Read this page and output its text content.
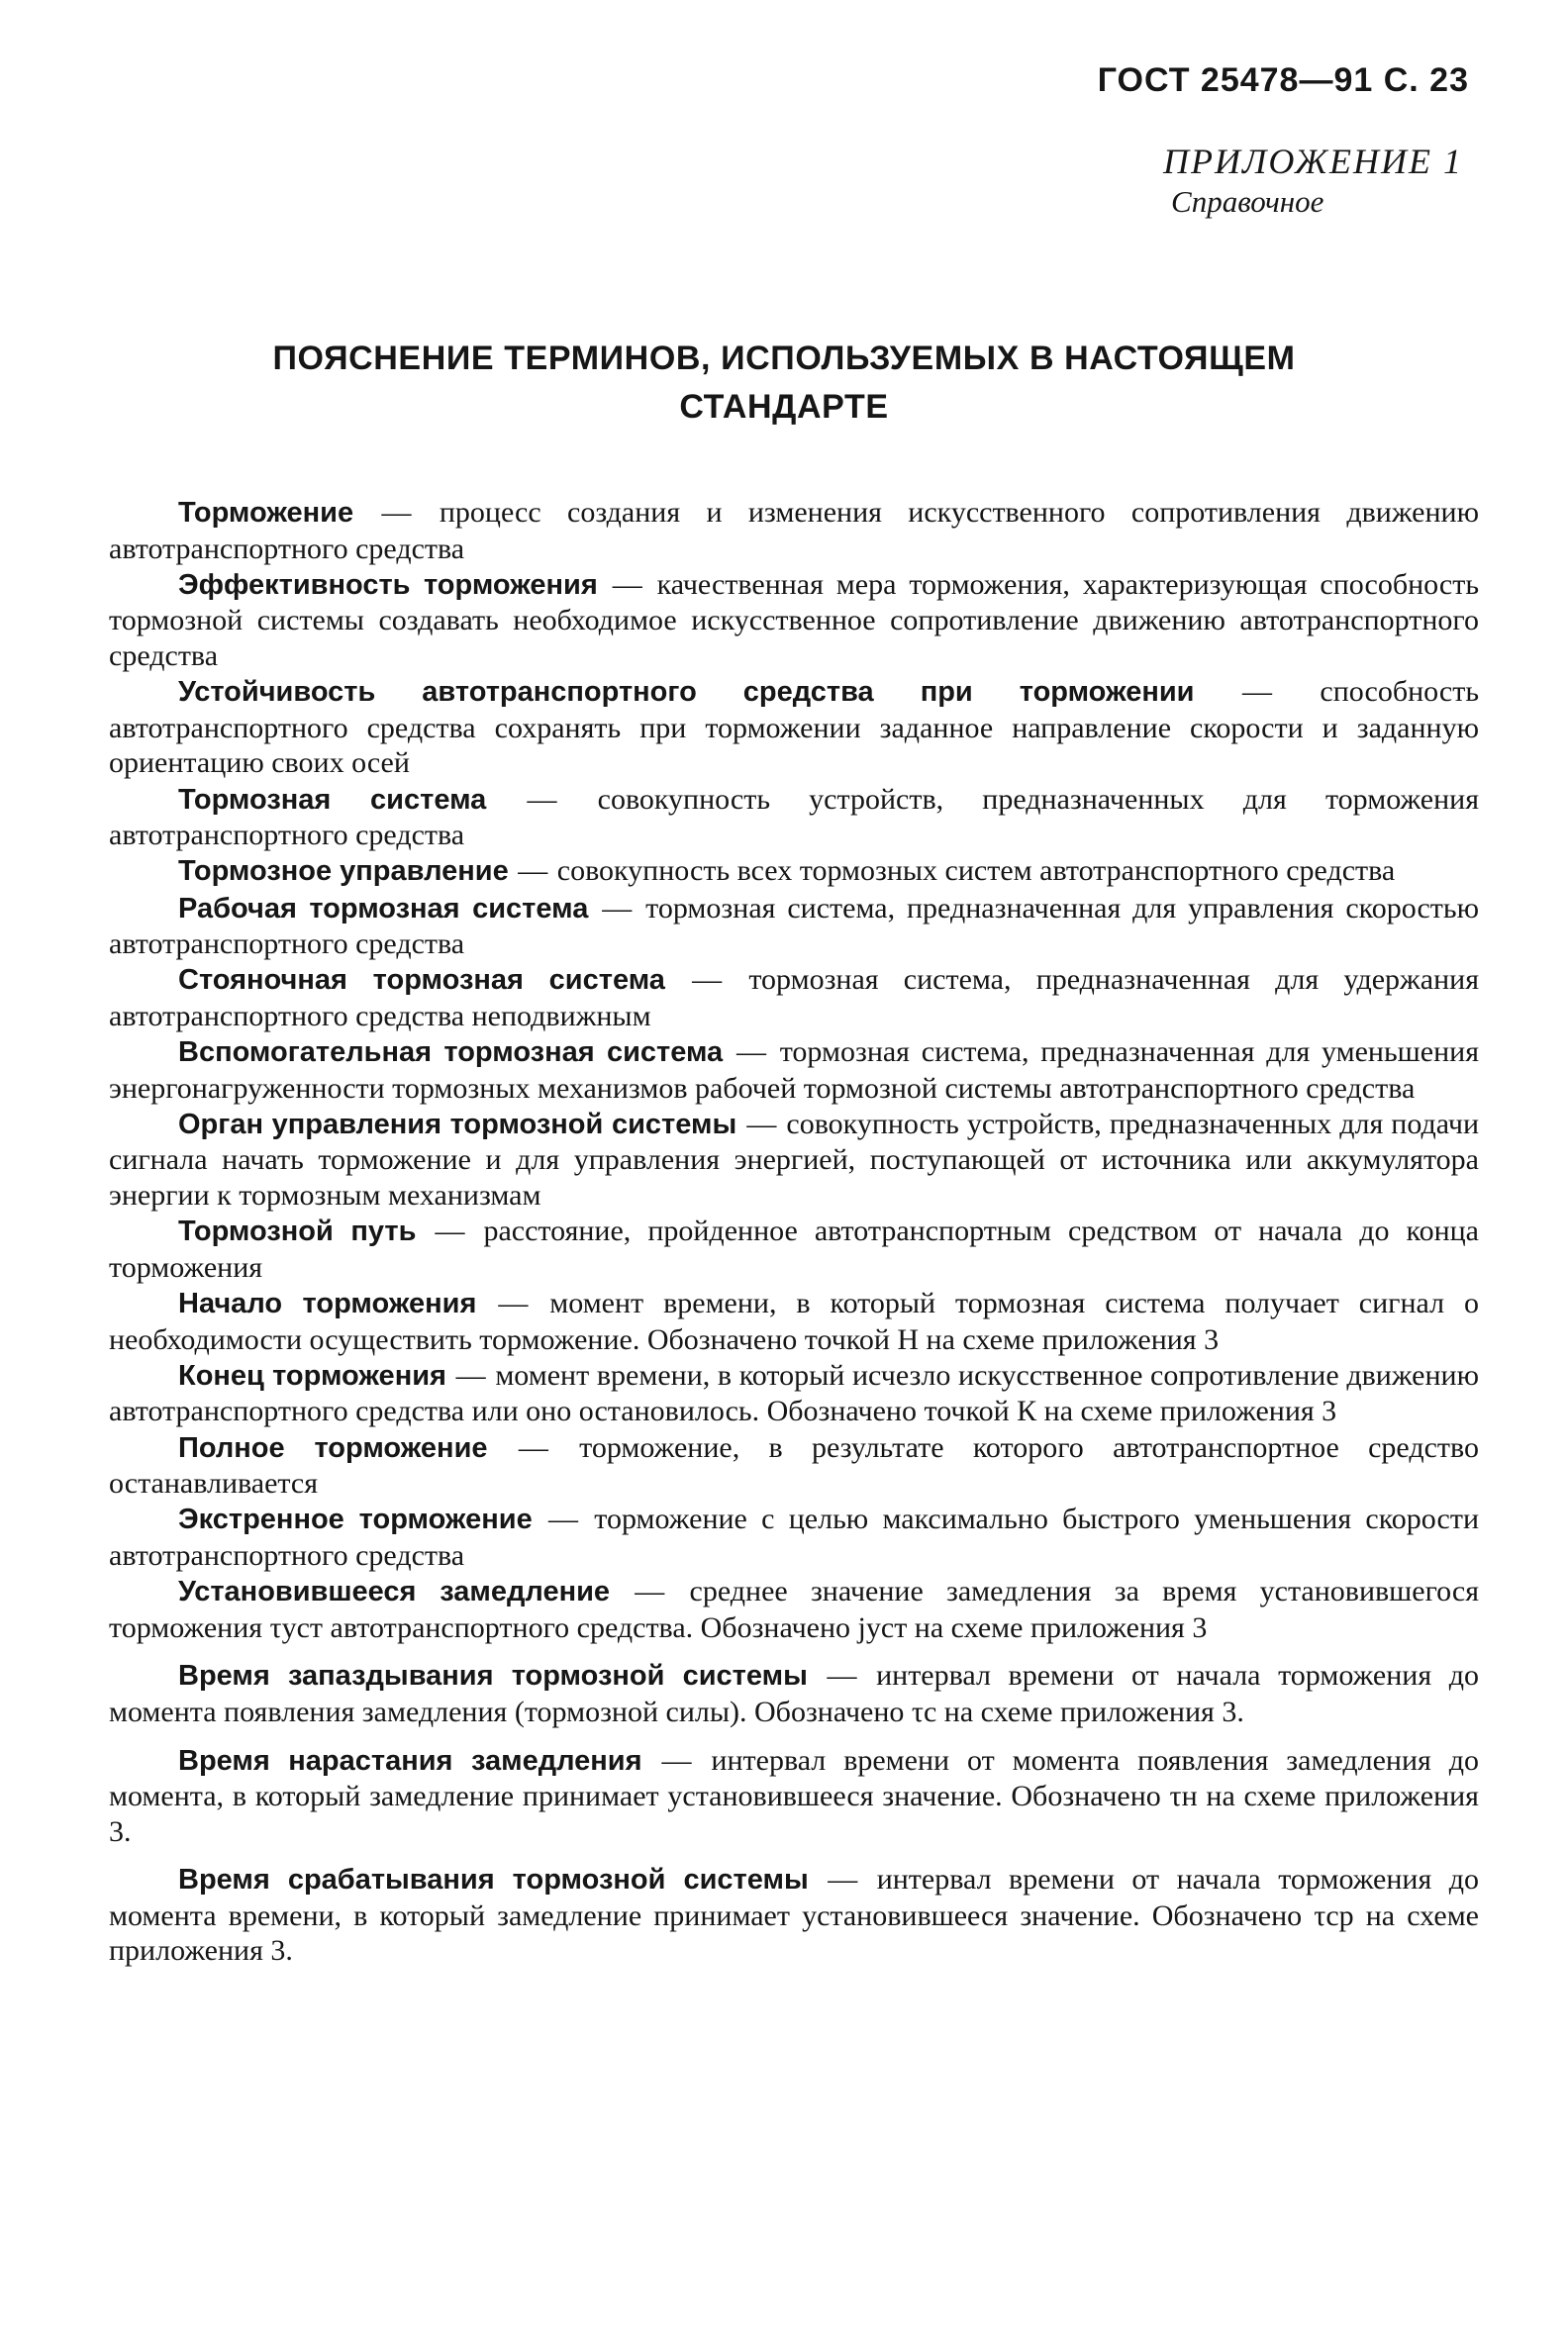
ГОСТ 25478—91 С. 23
ПРИЛОЖЕНИЕ 1
Справочное
ПОЯСНЕНИЕ ТЕРМИНОВ, ИСПОЛЬЗУЕМЫХ В НАСТОЯЩЕМ
СТАНДАРТЕ

Торможение — процесс создания и изменения искусственного сопротивления движению автотранспортного средства

Эффективность торможения — качественная мера торможения, характеризующая способность тормозной системы создавать необходимое искусственное сопротивление движению автотранспортного средства

Устойчивость автотранспортного средства при торможении — способность автотранспортного средства сохранять при торможении заданное направление скорости и заданную ориентацию своих осей

Тормозная система — совокупность устройств, предназначенных для торможения автотранспортного средства

Тормозное управление — совокупность всех тормозных систем автотранспортного средства

Рабочая тормозная система — тормозная система, предназначенная для управления скоростью автотранспортного средства

Стояночная тормозная система — тормозная система, предназначенная для удержания автотранспортного средства неподвижным

Вспомогательная тормозная система — тормозная система, предназначенная для уменьшения энергонагруженности тормозных механизмов рабочей тормозной системы автотранспортного средства

Орган управления тормозной системы — совокупность устройств, предназначенных для подачи сигнала начать торможение и для управления энергией, поступающей от источника или аккумулятора энергии к тормозным механизмам

Тормозной путь — расстояние, пройденное автотранспортным средством от начала до конца торможения

Начало торможения — момент времени, в который тормозная система получает сигнал о необходимости осуществить торможение. Обозначено точкой Н на схеме приложения 3

Конец торможения — момент времени, в который исчезло искусственное сопротивление движению автотранспортного средства или оно остановилось. Обозначено точкой К на схеме приложения 3

Полное торможение — торможение, в результате которого автотранспортное средство останавливается

Экстренное торможение — торможение с целью максимально быстрого уменьшения скорости автотранспортного средства

Установившееся замедление — среднее значение замедления за время установившегося торможения τуст автотранспортного средства. Обозначено jуст на схеме приложения 3

Время запаздывания тормозной системы — интервал времени от начала торможения до момента появления замедления (тормозной силы). Обозначено τс на схеме приложения 3.

Время нарастания замедления — интервал времени от момента появления замедления до момента, в который замедление принимает установившееся значение. Обозначено τн на схеме приложения 3.

Время срабатывания тормозной системы — интервал времени от начала торможения до момента времени, в который замедление принимает установившееся значение. Обозначено τср на схеме приложения 3.
